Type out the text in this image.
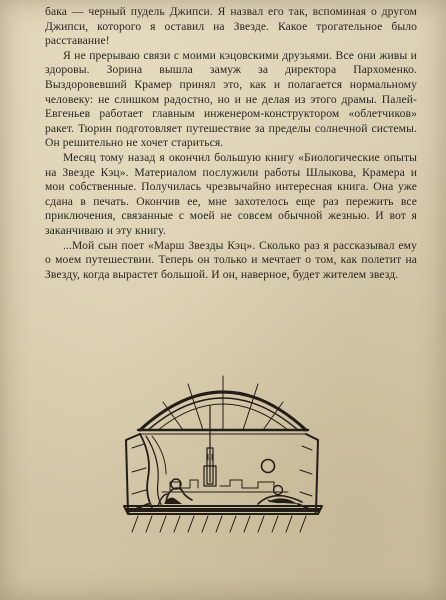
бака — черный пудель Джипси. Я назвал его так, вспоминая о другом Джипси, которого я оставил на Звезде. Какое трогательное было расставание!

Я не прерываю связи с моими кэцовскими друзьями. Все они живы и здоровы. Зорина вышла замуж за директора Пархоменко. Выздоровевший Крамер принял это, как и полагается нормальному человеку: не слишком радостно, но и не делая из этого драмы. Палей-Евгеньев работает главным инженером-конструктором «облетчиков» ракет. Тюрин подготовляет путешествие за пределы солнечной системы. Он решительно не хочет стариться.

Месяц тому назад я окончил большую книгу «Биологические опыты на Звезде Кэц». Материалом послужили работы Шлыкова, Крамера и мои собственные. Получилась чрезвычайно интересная книга. Она уже сдана в печать. Окончив ее, мне захотелось еще раз пережить все приключения, связанные с моей не совсем обычной жезнью. И вот я заканчиваю и эту книгу.

...Мой сын поет «Марш Звезды Кэц». Сколько раз я рассказывал ему о моем путешествии. Теперь он только и мечтает о том, как полетит на Звезду, когда вырастет большой. И он, наверное, будет жителем звезд.
